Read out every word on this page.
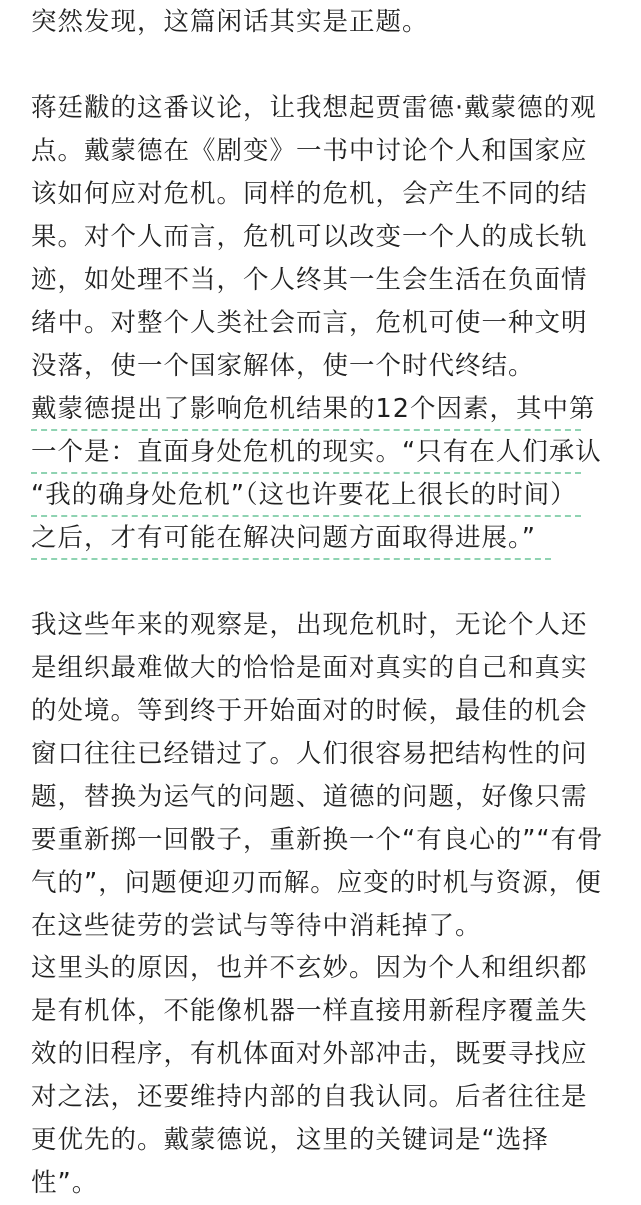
突然发现，这篇闲话其实是正题。

蒋廷黻的这番议论，让我想起贾雷德·戴蒙德的观
点。戴蒙德在《剧变》一书中讨论个人和国家应
该如何应对危机。同样的危机，会产生不同的结
果。对个人而言，危机可以改变一个人的成长轨
迹，如处理不当，个人终其一生会生活在负面情
绪中。对整个人类社会而言，危机可使一种文明
没落，使一个国家解体，使一个时代终结。

戴蒙德提出了影响危机结果的12个因素，其中第
一个是：直面身处危机的现实。“只有在人们承认
“我的确身处危机”（这也许要花上很长的时间）
之后，才有可能在解决问题方面取得进展。”

我这些年来的观察是，出现危机时，无论个人还
是组织最难做大的恰恰是面对真实的自己和真实
的处境。等到终于开始面对的时候，最佳的机会
窗口往往已经错过了。人们很容易把结构性的问
题，替换为运气的问题、道德的问题，好像只需
要重新掷一回骰子，重新换一个“有良心的”“有骨
气的”，问题便迎刃而解。应变的时机与资源，便
在这些徒劳的尝试与等待中消耗掉了。

这里头的原因，也并不玄妙。因为个人和组织都
是有机体，不能像机器一样直接用新程序覆盖失
效的旧程序，有机体面对外部冲击，既要寻找应
对之法，还要维持内部的自我认同。后者往往是
更优先的。戴蒙德说，这里的关键词是“选择
性”。
